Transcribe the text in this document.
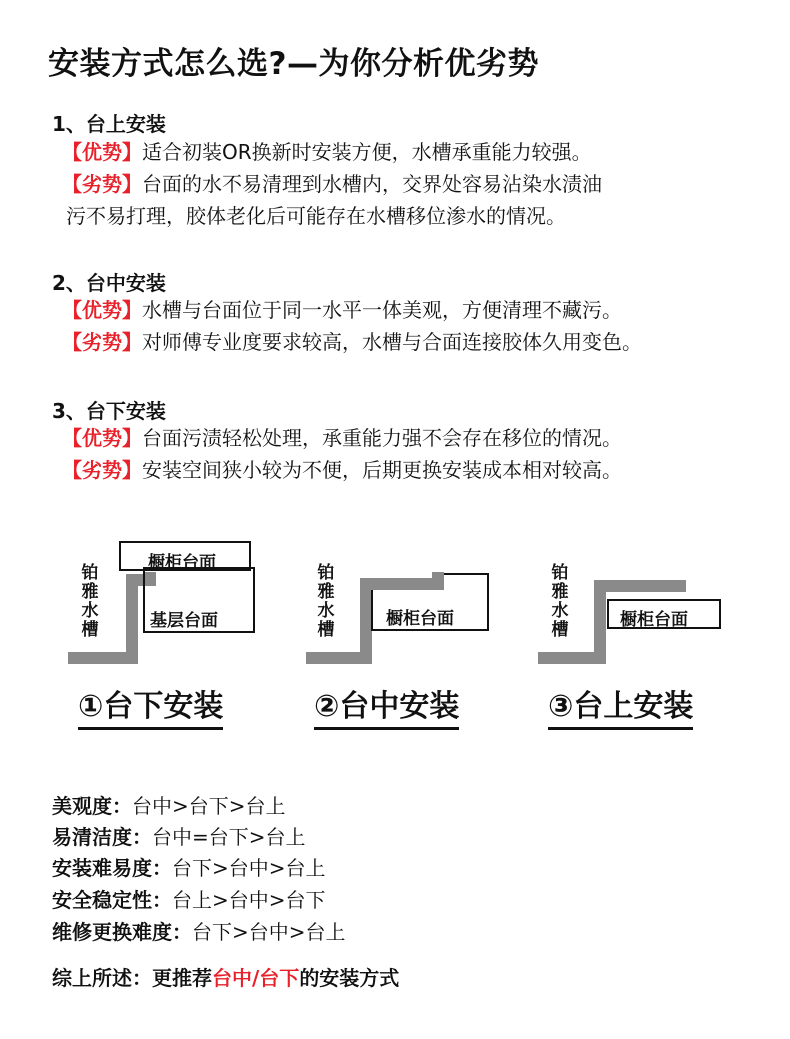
安装方式怎么选?—为你分析优劣势
1、台上安装
【优势】适合初装OR换新时安装方便，水槽承重能力较强。
【劣势】台面的水不易清理到水槽内，交界处容易沾染水渍油
污不易打理，胶体老化后可能存在水槽移位渗水的情况。
2、台中安装
【优势】水槽与台面位于同一水平一体美观，方便清理不藏污。
【劣势】对师傅专业度要求较高，水槽与合面连接胶体久用变色。
3、台下安装
【优势】台面污渍轻松处理，承重能力强不会存在移位的情况。
【劣势】安装空间狭小较为不便，后期更换安装成本相对较高。
铂雅水槽
橱柜台面
基层台面
铂雅水槽
橱柜台面
铂雅水槽	橱柜台面
①台下安装	②台中安装	③台上安装
美观度：台中>台下>台上
易清洁度：台中=台下>台上
安装难易度：台下>台中>台上
安全稳定性：台上>台中>台下
维修更换难度：台下>台中>台上
综上所述：更推荐台中/台下的安装方式
